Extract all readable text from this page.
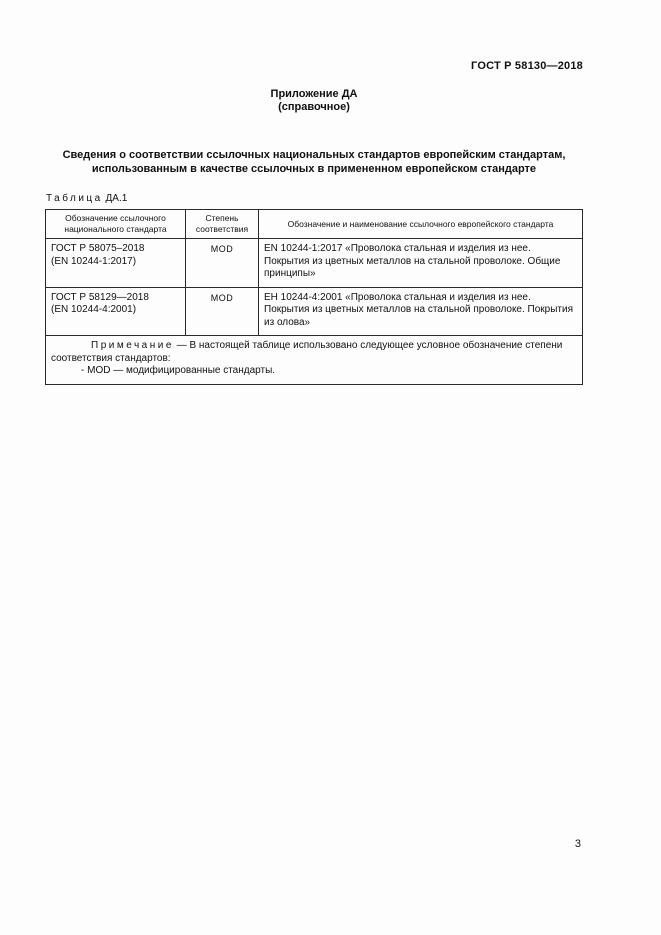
ГОСТ Р 58130—2018
Приложение ДА
(справочное)
Сведения о соответствии ссылочных национальных стандартов европейским стандартам, использованным в качестве ссылочных в примененном европейском стандарте
Таблица ДА.1
Обозначение ссылочного национального стандарта	Степень соответствия	Обозначение и наименование ссылочного европейского стандарта

ГОСТ Р 58075–2018
(EN 10244-1:2017)	MOD	EN 10244-1:2017 «Проволока стальная и изделия из нее. Покрытия из цветных металлов на стальной проволоке. Общие принципы»

ГОСТ Р 58129—2018
(EN 10244-4:2001)	MOD	ЕН 10244-4:2001 «Проволока стальная и изделия из нее. Покрытия из цветных металлов на стальной проволоке. Покрытия из олова»

Примечание — В настоящей таблице использовано следующее условное обозначение степени соответствия стандартов:
- MOD — модифицированные стандарты.		
3
